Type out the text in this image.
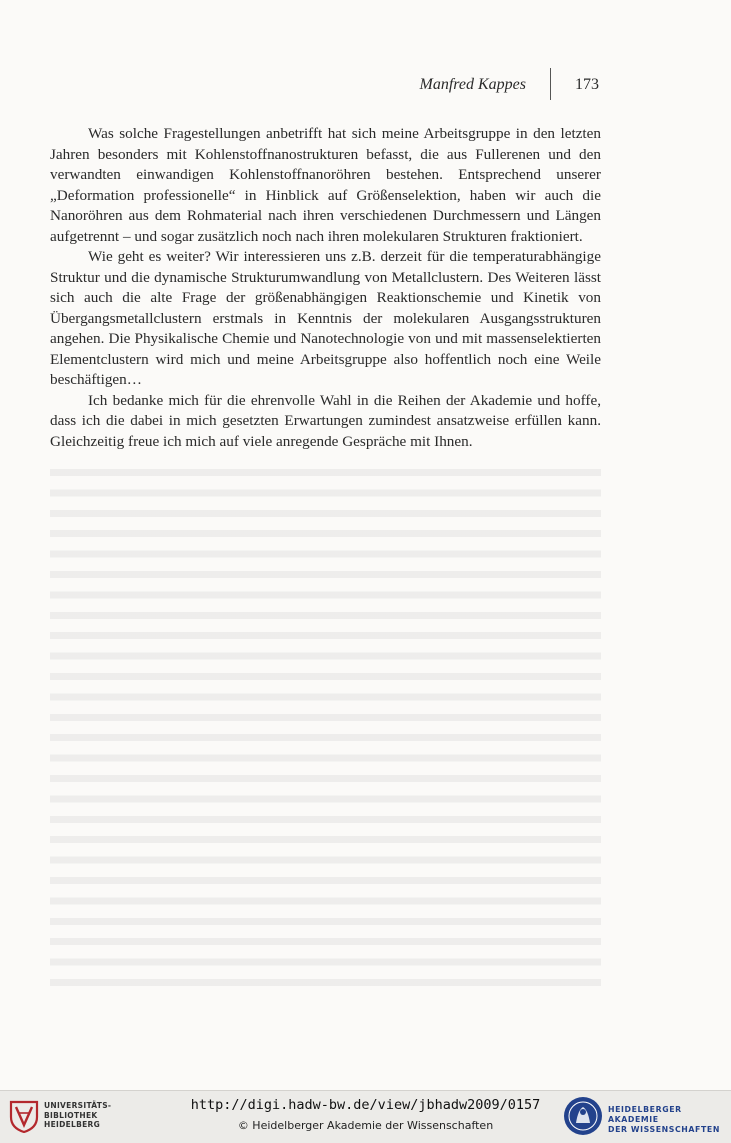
Manfred Kappes	173

Was solche Fragestellungen anbetrifft hat sich meine Arbeitsgruppe in den letzten Jahren besonders mit Kohlenstoffnanostrukturen befasst, die aus Fullerenen und den verwandten einwandigen Kohlenstoffnanoröhren bestehen. Entsprechend unserer „Deformation professionelle“ in Hinblick auf Größenselektion, haben wir auch die Nanoröhren aus dem Rohmaterial nach ihren verschiedenen Durchmessern und Längen aufgetrennt – und sogar zusätzlich noch nach ihren molekularen Strukturen fraktioniert.

Wie geht es weiter? Wir interessieren uns z.B. derzeit für die temperaturabhängige Struktur und die dynamische Strukturumwandlung von Metallclustern. Des Weiteren lässt sich auch die alte Frage der größenabhängigen Reaktionschemie und Kinetik von Übergangsmetallclustern erstmals in Kenntnis der molekularen Ausgangsstrukturen angehen. Die Physikalische Chemie und Nanotechnologie von und mit massenselektierten Elementclustern wird mich und meine Arbeitsgruppe also hoffentlich noch eine Weile beschäftigen…

Ich bedanke mich für die ehrenvolle Wahl in die Reihen der Akademie und hoffe, dass ich die dabei in mich gesetzten Erwartungen zumindest ansatzweise erfüllen kann. Gleichzeitig freue ich mich auf viele anregende Gespräche mit Ihnen.

UNIVERSITÄTS-
BIBLIOTHEK
HEIDELBERG
http://digi.hadw-bw.de/view/jbhadw2009/0157
© Heidelberger Akademie der Wissenschaften
HEIDELBERGER AKADEMIE
DER WISSENSCHAFTEN
